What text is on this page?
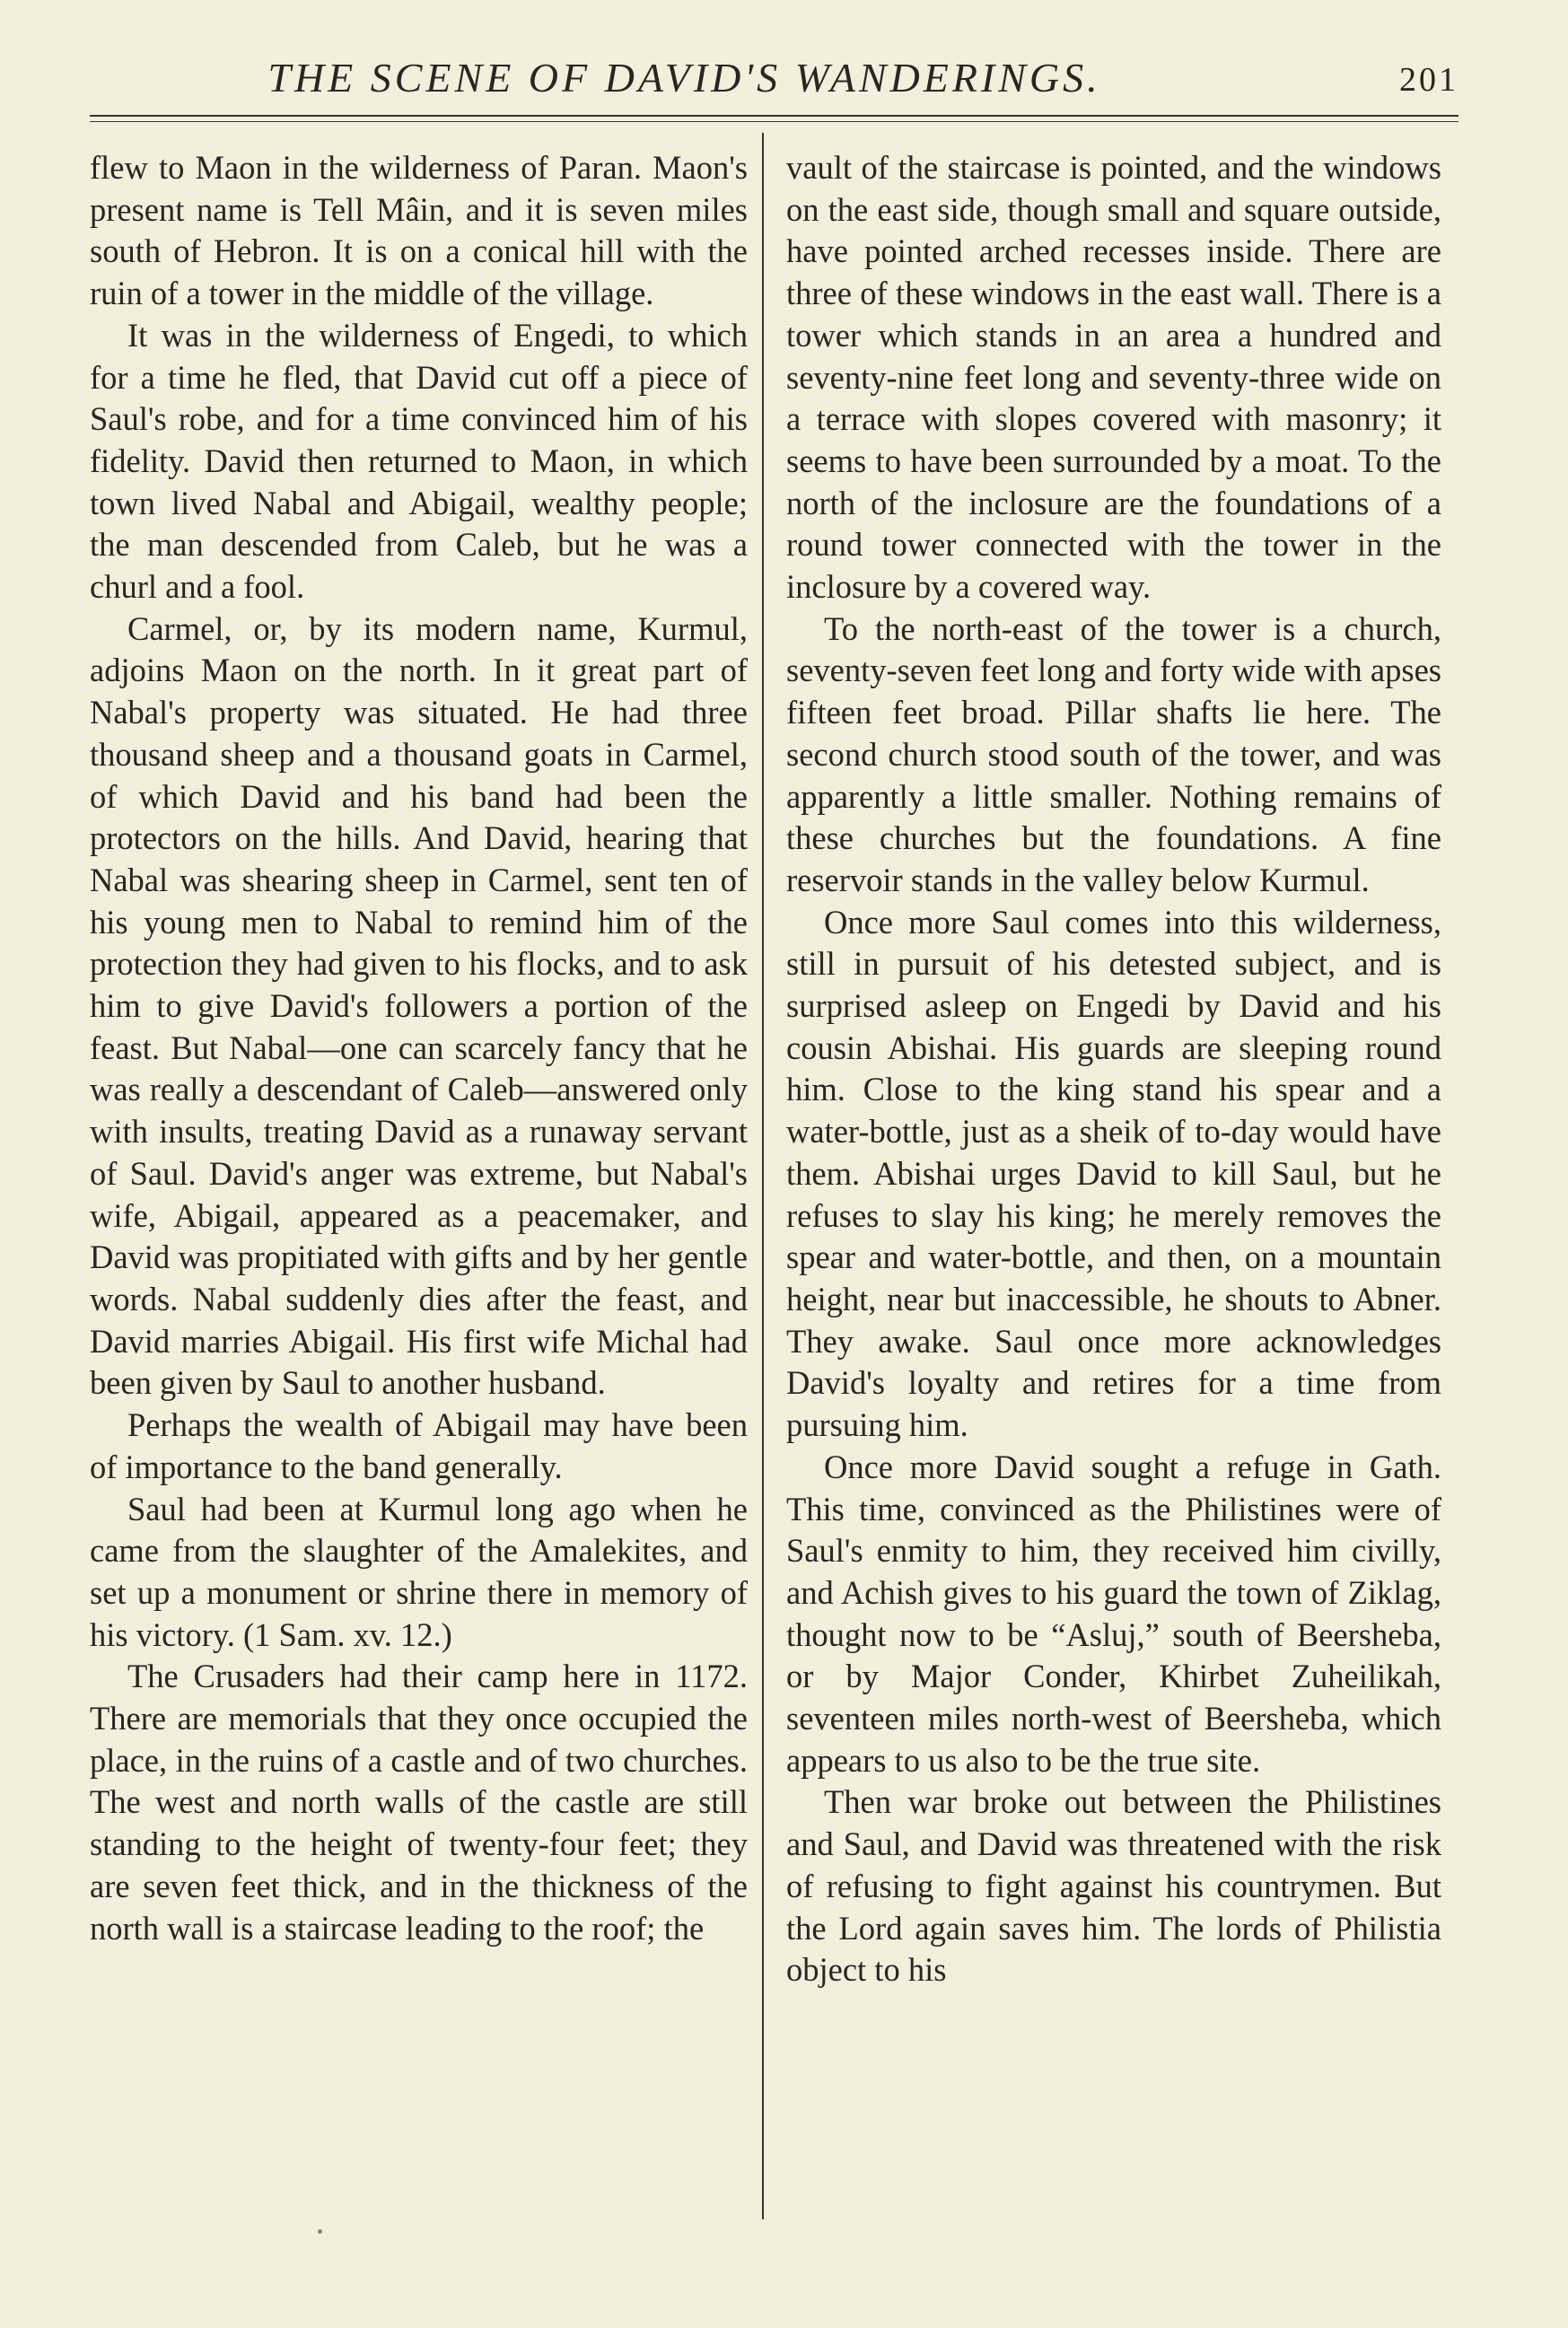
THE SCENE OF DAVID'S WANDERINGS.	201

flew to Maon in the wilderness of Paran. Maon's present name is Tell Mâin, and it is seven miles south of Hebron. It is on a conical hill with the ruin of a tower in the middle of the village.

It was in the wilderness of Engedi, to which for a time he fled, that David cut off a piece of Saul's robe, and for a time convinced him of his fidelity. David then returned to Maon, in which town lived Nabal and Abigail, wealthy people; the man descended from Caleb, but he was a churl and a fool.

Carmel, or, by its modern name, Kurmul, adjoins Maon on the north. In it great part of Nabal's property was situated. He had three thousand sheep and a thousand goats in Carmel, of which David and his band had been the protectors on the hills. And David, hearing that Nabal was shearing sheep in Carmel, sent ten of his young men to Nabal to remind him of the protection they had given to his flocks, and to ask him to give David's followers a portion of the feast. But Nabal—one can scarcely fancy that he was really a descendant of Caleb—answered only with insults, treating David as a runaway servant of Saul. David's anger was extreme, but Nabal's wife, Abigail, appeared as a peacemaker, and David was propitiated with gifts and by her gentle words. Nabal suddenly dies after the feast, and David marries Abigail. His first wife Michal had been given by Saul to another husband.

Perhaps the wealth of Abigail may have been of importance to the band generally.

Saul had been at Kurmul long ago when he came from the slaughter of the Amalekites, and set up a monument or shrine there in memory of his victory. (1 Sam. xv. 12.)

The Crusaders had their camp here in 1172. There are memorials that they once occupied the place, in the ruins of a castle and of two churches. The west and north walls of the castle are still standing to the height of twenty-four feet; they are seven feet thick, and in the thickness of the north wall is a staircase leading to the roof; the

vault of the staircase is pointed, and the windows on the east side, though small and square outside, have pointed arched recesses inside. There are three of these windows in the east wall. There is a tower which stands in an area a hundred and seventy-nine feet long and seventy-three wide on a terrace with slopes covered with masonry; it seems to have been surrounded by a moat. To the north of the inclosure are the foundations of a round tower connected with the tower in the inclosure by a covered way.

To the north-east of the tower is a church, seventy-seven feet long and forty wide with apses fifteen feet broad. Pillar shafts lie here. The second church stood south of the tower, and was apparently a little smaller. Nothing remains of these churches but the foundations. A fine reservoir stands in the valley below Kurmul.

Once more Saul comes into this wilderness, still in pursuit of his detested subject, and is surprised asleep on Engedi by David and his cousin Abishai. His guards are sleeping round him. Close to the king stand his spear and a water-bottle, just as a sheik of to-day would have them. Abishai urges David to kill Saul, but he refuses to slay his king; he merely removes the spear and water-bottle, and then, on a mountain height, near but inaccessible, he shouts to Abner. They awake. Saul once more acknowledges David's loyalty and retires for a time from pursuing him.

Once more David sought a refuge in Gath. This time, convinced as the Philistines were of Saul's enmity to him, they received him civilly, and Achish gives to his guard the town of Ziklag, thought now to be “Asluj,” south of Beersheba, or by Major Conder, Khirbet Zuheilikah, seventeen miles north-west of Beersheba, which appears to us also to be the true site.

Then war broke out between the Philistines and Saul, and David was threatened with the risk of refusing to fight against his countrymen. But the Lord again saves him. The lords of Philistia object to his
